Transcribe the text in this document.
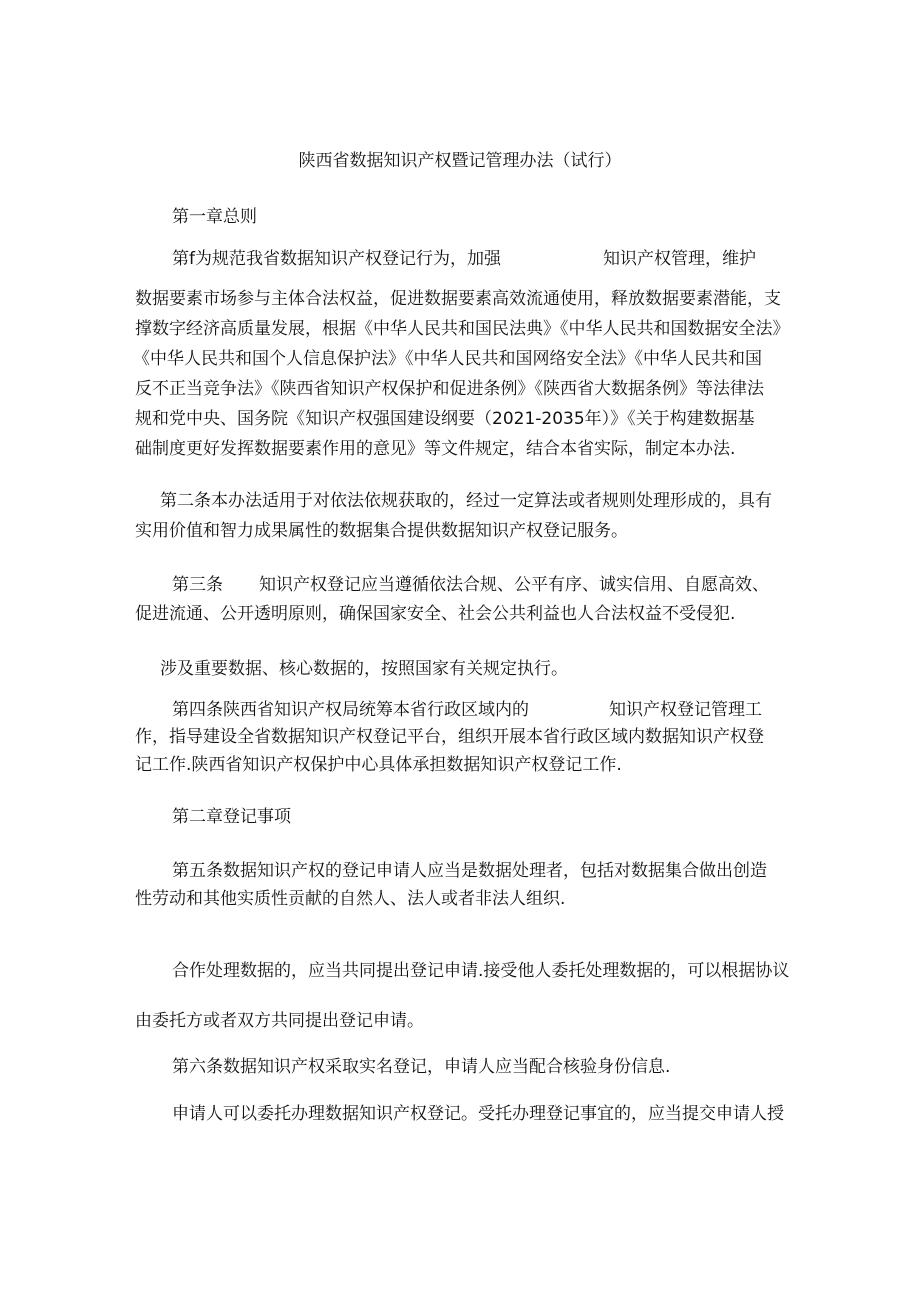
陕西省数据知识产权暨记管理办法（试行）
第一章总则
第f为规范我省数据知识产权登记行为，加强	知识产权管理，维护
数据要素市场参与主体合法权益，促进数据要素高效流通使用，释放数据要素潜能，支
撑数字经济高质量发展，根据《中华人民共和国民法典》《中华人民共和国数据安全法》
《中华人民共和国个人信息保护法》《中华人民共和国网络安全法》《中华人民共和国
反不正当竞争法》《陕西省知识产权保护和促进条例》《陕西省大数据条例》等法律法
规和党中央、国务院《知识产权强国建设纲要（2021-2035年）》《关于构建数据基
础制度更好发挥数据要素作用的意见》等文件规定，结合本省实际，制定本办法.
第二条本办法适用于对依法依规获取的，经过一定算法或者规则处理形成的，具有
实用价值和智力成果属性的数据集合提供数据知识产权登记服务。
第三条 知识产权登记应当遵循依法合规、公平有序、诚实信用、自愿高效、
促进流通、公开透明原则，确保国家安全、社会公共利益也人合法权益不受侵犯.
涉及重要数据、核心数据的，按照国家有关规定执行。
第四条陕西省知识产权局统筹本省行政区域内的	知识产权登记管理工
作，指导建设全省数据知识产权登记平台，组织开展本省行政区域内数据知识产权登
记工作.陕西省知识产权保护中心具体承担数据知识产权登记工作.
第二章登记事项
第五条数据知识产权的登记申请人应当是数据处理者，包括对数据集合做出创造
性劳动和其他实质性贡献的自然人、法人或者非法人组织.
合作处理数据的，应当共同提出登记申请.接受他人委托处理数据的，可以根据协议
由委托方或者双方共同提出登记申请。
第六条数据知识产权采取实名登记，申请人应当配合核验身份信息.
申请人可以委托办理数据知识产权登记。受托办理登记事宜的，应当提交申请人授
